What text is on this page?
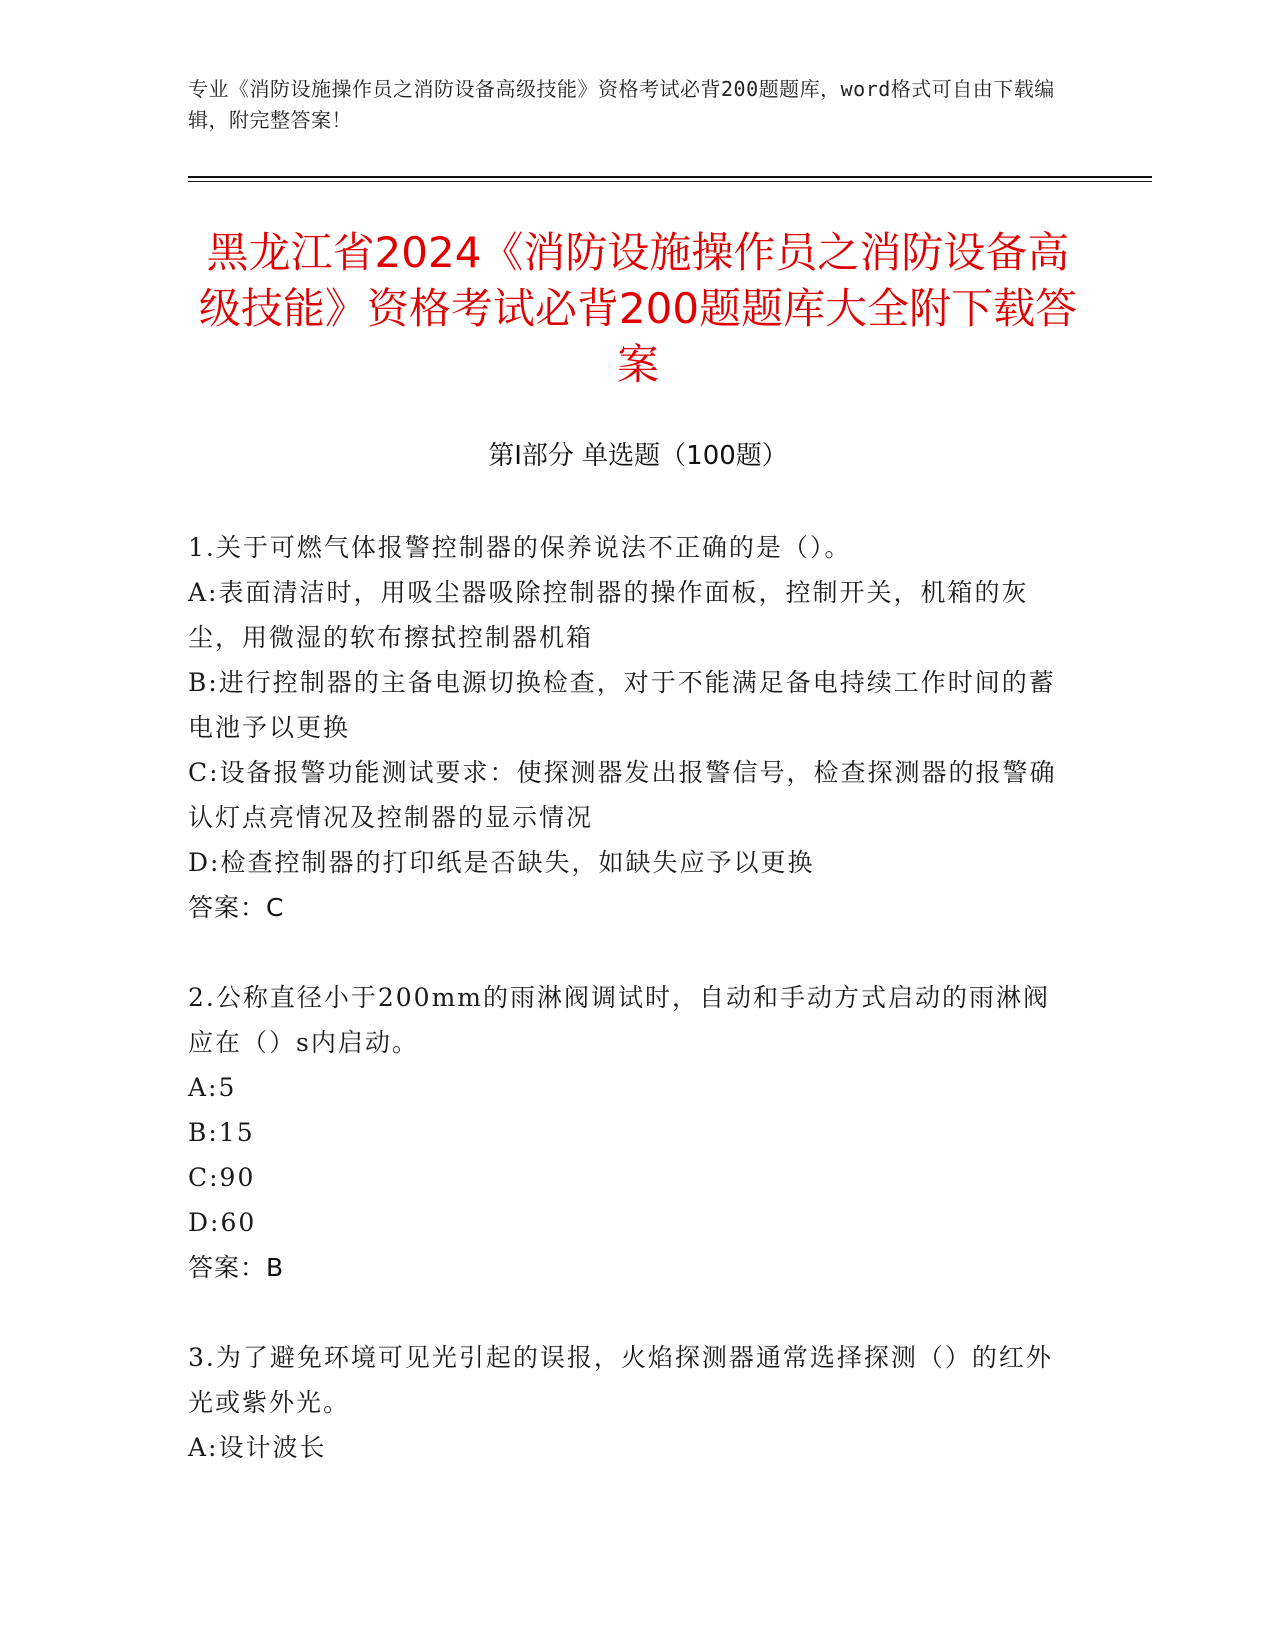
专业《消防设施操作员之消防设备高级技能》资格考试必背200题题库，word格式可自由下载编辑，附完整答案！
黑龙江省2024《消防设施操作员之消防设备高级技能》资格考试必背200题题库大全附下载答案
第I部分 单选题（100题）

1.关于可燃气体报警控制器的保养说法不正确的是（）。

A:表面清洁时，用吸尘器吸除控制器的操作面板，控制开关，机箱的灰尘，用微湿的软布擦拭控制器机箱

B:进行控制器的主备电源切换检查，对于不能满足备电持续工作时间的蓄电池予以更换

C:设备报警功能测试要求：使探测器发出报警信号，检查探测器的报警确认灯点亮情况及控制器的显示情况

D:检查控制器的打印纸是否缺失，如缺失应予以更换

答案：C

2.公称直径小于200mm的雨淋阀调试时，自动和手动方式启动的雨淋阀应在（）s内启动。

A:5

B:15

C:90

D:60

答案：B

3.为了避免环境可见光引起的误报，火焰探测器通常选择探测（）的红外光或紫外光。

A:设计波长
